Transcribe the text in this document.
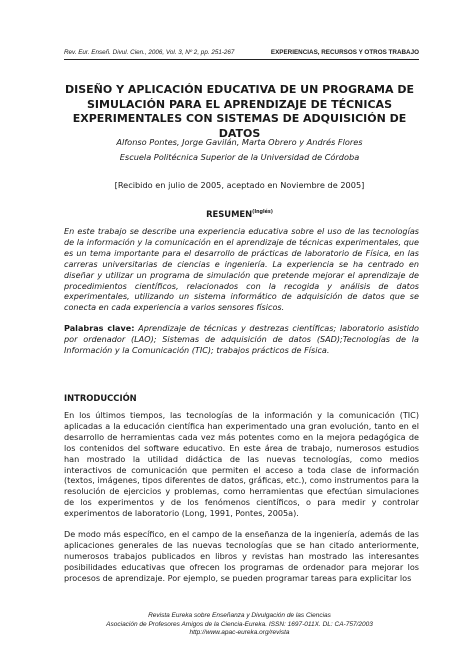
Rev. Eur. Enseñ. Divul. Cien., 2006, Vol. 3, Nº 2, pp. 251-267	EXPERIENCIAS, RECURSOS Y OTROS TRABAJO
DISEÑO Y APLICACIÓN EDUCATIVA DE UN PROGRAMA DE SIMULACIÓN PARA EL APRENDIZAJE DE TÉCNICAS EXPERIMENTALES CON SISTEMAS DE ADQUISICIÓN DE DATOS
Alfonso Pontes, Jorge Gavilán, Marta Obrero y Andrés Flores
Escuela Politécnica Superior de la Universidad de Córdoba
[Recibido en julio de 2005, aceptado en Noviembre de 2005]
$RESUMEN^{(Inglés)}$

En este trabajo se describe una experiencia educativa sobre el uso de las tecnologías de la información y la comunicación en el aprendizaje de técnicas experimentales, que es un tema importante para el desarrollo de prácticas de laboratorio de Física, en las carreras universitarias de ciencias e ingeniería. La experiencia se ha centrado en diseñar y utilizar un programa de simulación que pretende mejorar el aprendizaje de procedimientos científicos, relacionados con la recogida y análisis de datos experimentales, utilizando un sistema informático de adquisición de datos que se conecta en cada experiencia a varios sensores físicos.

Palabras clave: Aprendizaje de técnicas y destrezas científicas; laboratorio asistido por ordenador (LAO); Sistemas de adquisición de datos (SAD);Tecnologías de la Información y la Comunicación (TIC); trabajos prácticos de Física.

INTRODUCCIÓN

En los últimos tiempos, las tecnologías de la información y la comunicación (TIC) aplicadas a la educación científica han experimentado una gran evolución, tanto en el desarrollo de herramientas cada vez más potentes como en la mejora pedagógica de los contenidos del software educativo. En este área de trabajo, numerosos estudios han mostrado la utilidad didáctica de las nuevas tecnologías, como medios interactivos de comunicación que permiten el acceso a toda clase de información (textos, imágenes, tipos diferentes de datos, gráficas, etc.), como instrumentos para la resolución de ejercicios y problemas, como herramientas que efectúan simulaciones de los experimentos y de los fenómenos científicos, o para medir y controlar experimentos de laboratorio (Long, 1991, Pontes, 2005a).

De modo más específico, en el campo de la enseñanza de la ingeniería, además de las aplicaciones generales de las nuevas tecnologías que se han citado anteriormente, numerosos trabajos publicados en libros y revistas han mostrado las interesantes posibilidades educativas que ofrecen los programas de ordenador para mejorar los procesos de aprendizaje. Por ejemplo, se pueden programar tareas para explicitar los

Revista Eureka sobre Enseñanza y Divulgación de las Ciencias
Asociación de Profesores Amigos de la Ciencia-Eureka. ISSN: 1697-011X. DL: CA-757/2003
http://www.apac-eureka.org/revista
